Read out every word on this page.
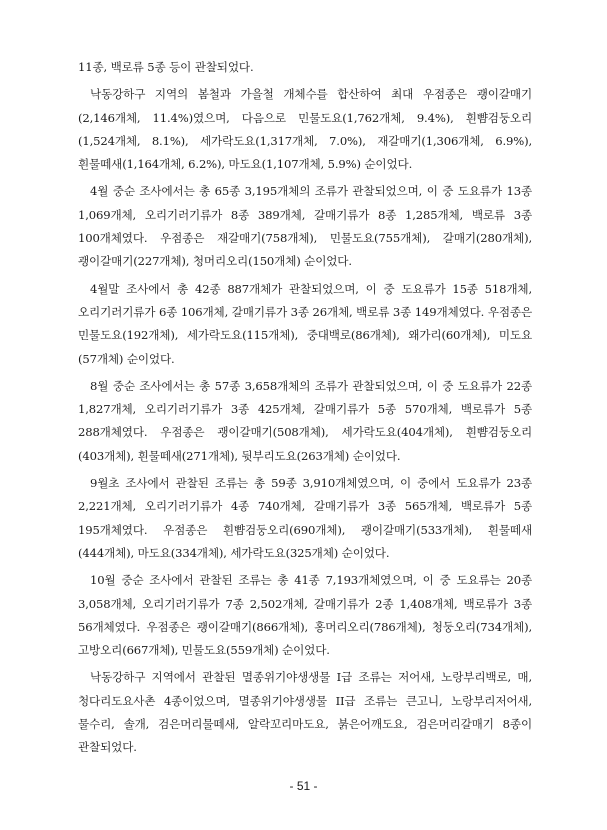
11종, 백로류 5종 등이 관찰되었다.

낙동강하구 지역의 봄철과 가을철 개체수를 합산하여 최대 우점종은 괭이갈매기(2,146개체, 11.4%)였으며, 다음으로 민물도요(1,762개체, 9.4%), 흰뺨검둥오리(1,524개체, 8.1%), 세가락도요(1,317개체, 7.0%), 재갈매기(1,306개체, 6.9%), 흰물떼새(1,164개체, 6.2%), 마도요(1,107개체, 5.9%) 순이었다.

4월 중순 조사에서는 총 65종 3,195개체의 조류가 관찰되었으며, 이 중 도요류가 13종 1,069개체, 오리기러기류가 8종 389개체, 갈매기류가 8종 1,285개체, 백로류 3종 100개체였다. 우점종은 재갈매기(758개체), 민물도요(755개체), 갈매기(280개체), 괭이갈매기(227개체), 청머리오리(150개체) 순이었다.

4월말 조사에서 총 42종 887개체가 관찰되었으며, 이 중 도요류가 15종 518개체, 오리기러기류가 6종 106개체, 갈매기류가 3종 26개체, 백로류 3종 149개체였다. 우점종은 민물도요(192개체), 세가락도요(115개체), 중대백로(86개체), 왜가리(60개체), 미도요(57개체) 순이었다.

8월 중순 조사에서는 총 57종 3,658개체의 조류가 관찰되었으며, 이 중 도요류가 22종 1,827개체, 오리기러기류가 3종 425개체, 갈매기류가 5종 570개체, 백로류가 5종 288개체였다. 우점종은 괭이갈매기(508개체), 세가락도요(404개체), 흰뺨검둥오리(403개체), 흰물떼새(271개체), 뒷부리도요(263개체) 순이었다.

9월초 조사에서 관찰된 조류는 총 59종 3,910개체였으며, 이 중에서 도요류가 23종 2,221개체, 오리기러기류가 4종 740개체, 갈매기류가 3종 565개체, 백로류가 5종 195개체였다. 우점종은 흰뺨검둥오리(690개체), 괭이갈매기(533개체), 흰물떼새(444개체), 마도요(334개체), 세가락도요(325개체) 순이었다.

10월 중순 조사에서 관찰된 조류는 총 41종 7,193개체였으며, 이 중 도요류는 20종 3,058개체, 오리기러기류가 7종 2,502개체, 갈매기류가 2종 1,408개체, 백로류가 3종 56개체였다. 우점종은 괭이갈매기(866개체), 홍머리오리(786개체), 청둥오리(734개체), 고방오리(667개체), 민물도요(559개체) 순이었다.

낙동강하구 지역에서 관찰된 멸종위기야생생물 I급 조류는 저어새, 노랑부리백로, 매, 청다리도요사촌 4종이었으며, 멸종위기야생생물 II급 조류는 큰고니, 노랑부리저어새, 물수리, 솔개, 검은머리물떼새, 알락꼬리마도요, 붉은어깨도요, 검은머리갈매기 8종이 관찰되었다.

- 51 -
